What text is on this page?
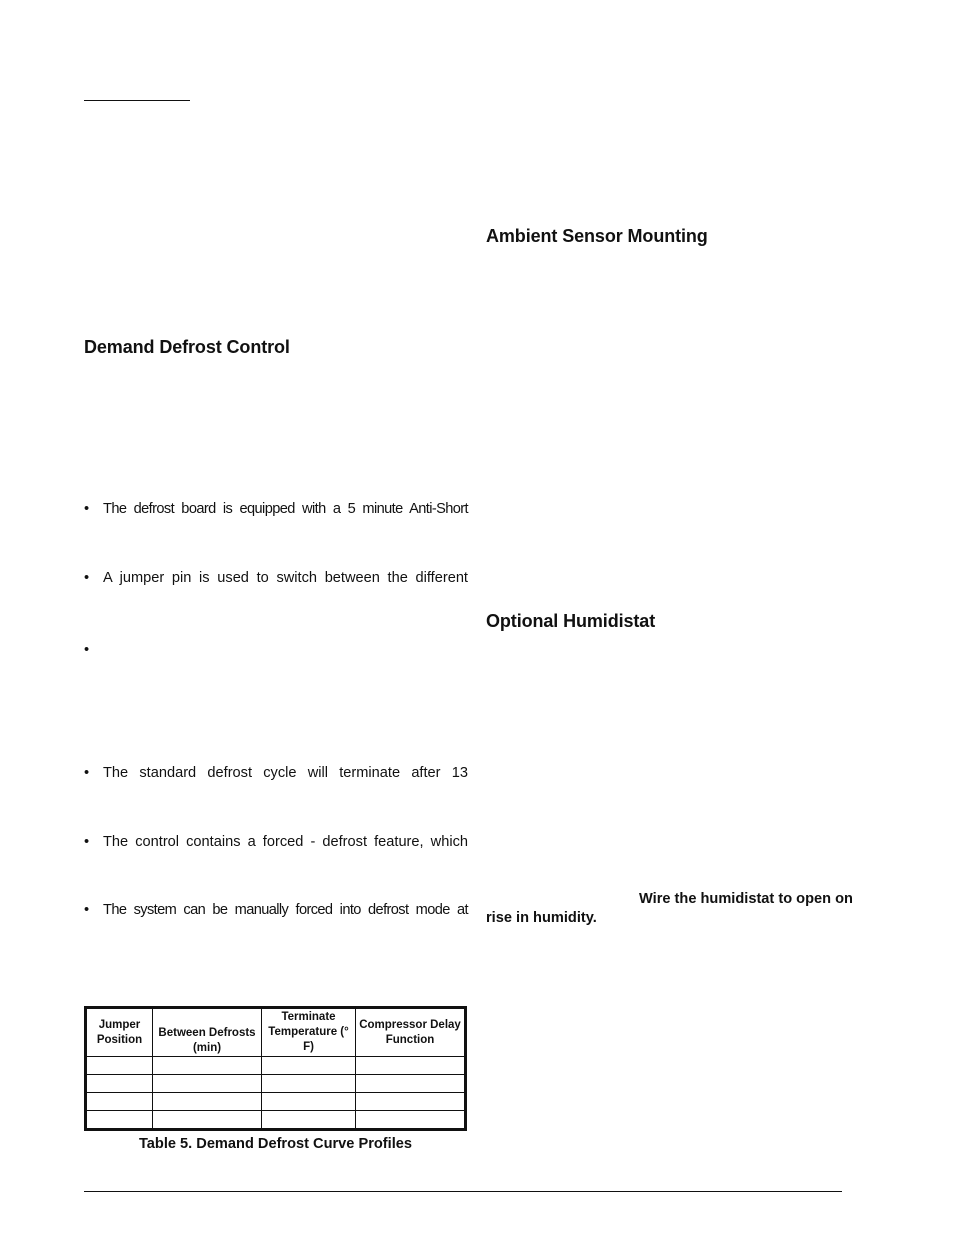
Demand Defrost Control
• The defrost board is equipped with a 5 minute Anti-Short
• A jumper pin is used to switch between the different
•
• The standard defrost cycle will terminate after 13
• The control contains a forced - defrost feature, which
• The system can be manually forced into defrost mode at
Jumper Position	Between Defrosts (min)	Terminate Temperature (° F)	Compressor Delay Function

Table 5. Demand Defrost Curve Profiles
Ambient Sensor Mounting
Optional Humidistat
Wire the humidistat to open on
rise in humidity.
